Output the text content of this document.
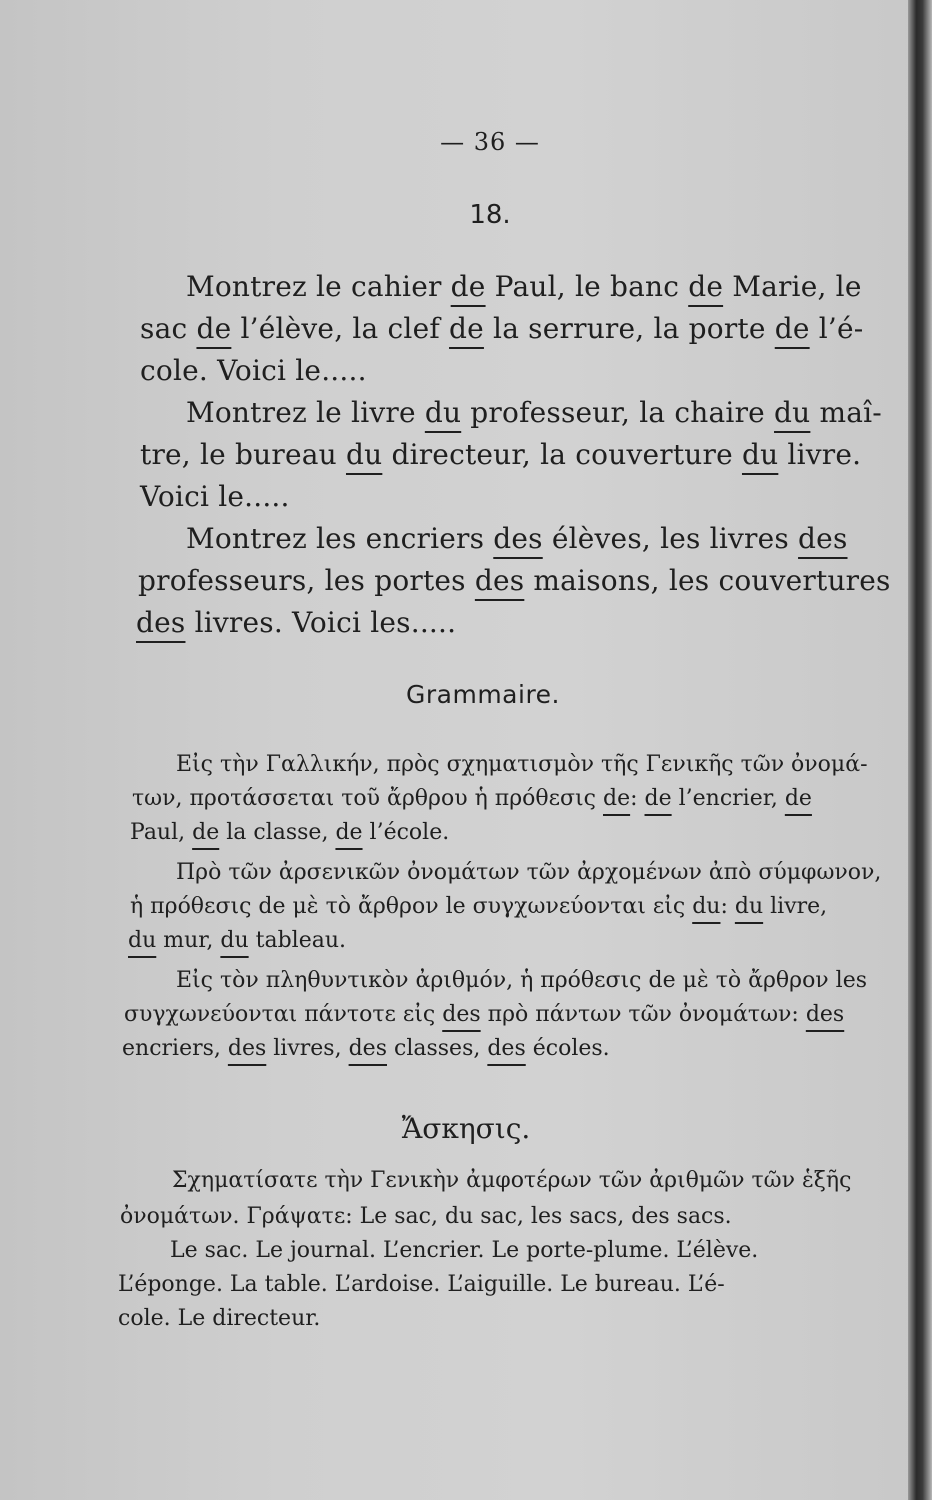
— 36 —
18.
Montrez le cahier de Paul, le banc de Marie, le
sac de l’élève, la clef de la serrure, la porte de l’é-
cole. Voici le.....
Montrez le livre du professeur, la chaire du maî-
tre, le bureau du directeur, la couverture du livre.
Voici le.....
Montrez les encriers des élèves, les livres des
professeurs, les portes des maisons, les couvertures
des livres. Voici les.....
Grammaire.
Εἰς τὴν Γαλλικήν, πρὸς σχηματισμὸν τῆς Γενικῆς τῶν ὀνομά-
των, προτάσσεται τοῦ ἄρθρου ἡ πρόθεσις de: de l’encrier, de
Paul, de la classe, de l’école.
Πρὸ τῶν ἀρσενικῶν ὀνομάτων τῶν ἀρχομένων ἀπὸ σύμφωνον,
ἡ πρόθεσις de μὲ τὸ ἄρθρον le συγχωνεύονται εἰς du: du livre,
du mur, du tableau.
Εἰς τὸν πληθυντικὸν ἀριθμόν, ἡ πρόθεσις de μὲ τὸ ἄρθρον les
συγχωνεύονται πάντοτε εἰς des πρὸ πάντων τῶν ὀνομάτων: des
encriers, des livres, des classes, des écoles.
Ἄσκησις.
Σχηματίσατε τὴν Γενικὴν ἀμφοτέρων τῶν ἀριθμῶν τῶν ἑξῆς
ὀνομάτων. Γράψατε: Le sac, du sac, les sacs, des sacs.
Le sac. Le journal. L’encrier. Le porte-plume. L’élève.
L’éponge. La table. L’ardoise. L’aiguille. Le bureau. L’é-
cole. Le directeur.
